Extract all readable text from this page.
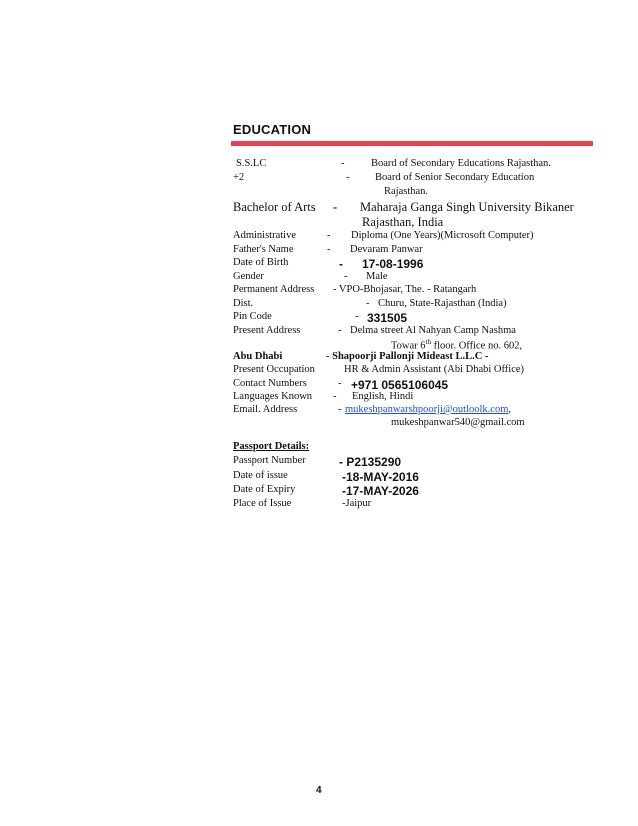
EDUCATION
S.S.LC	-	Board of Secondary Educations Rajasthan.
+2	- Board of Senior Secondary Education
Rajasthan.
Bachelor of Arts - Maharaja Ganga Singh University Bikaner
Rajasthan, India
Administrative	- Diploma (One Years)(Microsoft Computer)
Father's Name	- Devaram Panwar
Date of Birth	- 17-08-1996
Gender	- Male
Permanent Address - VPO-Bhojasar, The. - Ratangarh
Dist.	- Churu, State-Rajasthan (India)
Pin Code	- 331505
Present Address	- Delma street Al Nahyan Camp Nashma
Towar 6th floor. Office no. 602,
Abu Dhabi	- Shapoorji Pallonji Mideast L.L.C -
Present Occupation	HR & Admin Assistant (Abi Dhabi Office)
Contact Numbers	- +971 0565106045
Languages Known - English, Hindi
Email. Address	- mukeshpanwarshpoorji@outloolk.com,
mukeshpanwar540@gmail.com
Passport Details:
Passport Number	- P2135290
Date of issue	-18-MAY-2016
Date of Expiry	-17-MAY-2026
Place of Issue	-Jaipur
4
